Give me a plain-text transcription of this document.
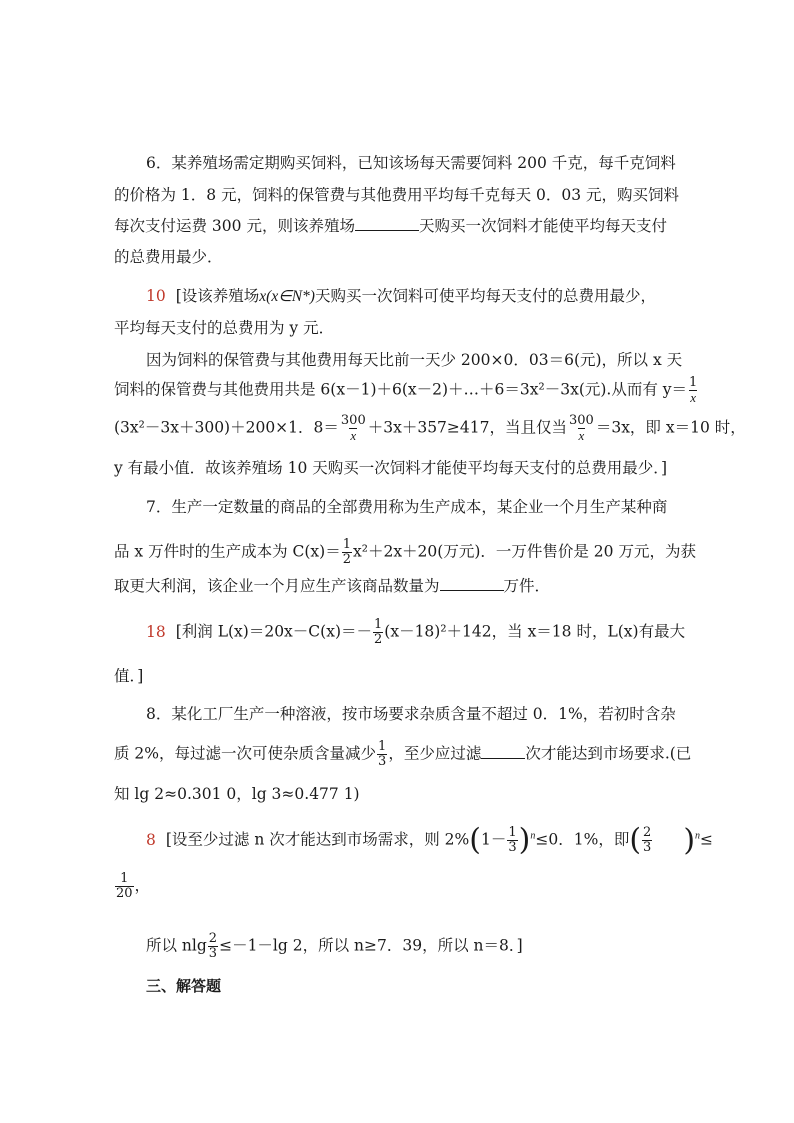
6．某养殖场需定期购买饲料，已知该场每天需要饲料 200 千克，每千克饲料
的价格为 1．8 元，饲料的保管费与其他费用平均每千克每天 0．03 元，购买饲料
每次支付运费 300 元，则该养殖场	天购买一次饲料才能使平均每天支付
的总费用最少．
10 [设该养殖场x(x∈N*)天购买一次饲料可使平均每天支付的总费用最少，
平均每天支付的总费用为 y 元．
因为饲料的保管费与其他费用每天比前一天少 200×0．03＝6(元)，所以 x 天
饲料的保管费与其他费用共是 6(x－1)＋6(x－2)＋…＋6＝3x²－3x(元).从而有 $y= \frac{1}{x}$
(3x²－3x＋300)＋200×1．$8= \frac{300}{x} +3x+357\ge 417$，当且仅当 $\frac{300}{x} =3x$，即 x＝10 时，
y 有最小值．故该养殖场 10 天购买一次饲料才能使平均每天支付的总费用最少．]
7．生产一定数量的商品的全部费用称为生产成本，某企业一个月生产某种商
品 x 万件时的生产成本为 $C(x)= \frac{1}{2} x^2+2x+20$(万元)．一万件售价是 20 万元，为获
取更大利润，该企业一个月应生产该商品数量为	万件．
18 [利润 $L(x)=20x-C(x)=- \frac{1}{2} (x-18)^2+142$，当 x＝18 时，L(x)有最大
值．]
8．某化工厂生产一种溶液，按市场要求杂质含量不超过 0．1%，若初时含杂
质 2%，每过滤一次可使杂质含量减少 $\frac{1}{3}$ ，至少应过滤	次才能达到市场要求.(已
知 lg 2≈0.301 0，lg 3≈0.477 1)
8 [设至少过滤 n 次才能达到市场需求，则 $2\%(1- \frac{1}{3} )^n\le 0$．1%，即( $\frac{2}{3} )^n\le$
$\frac{1}{20}$ ，
所以 nlg $\frac{2}{3} \le-1-\lg$ 2，所以 n≥7．39，所以 n＝8．]
三、解答题
